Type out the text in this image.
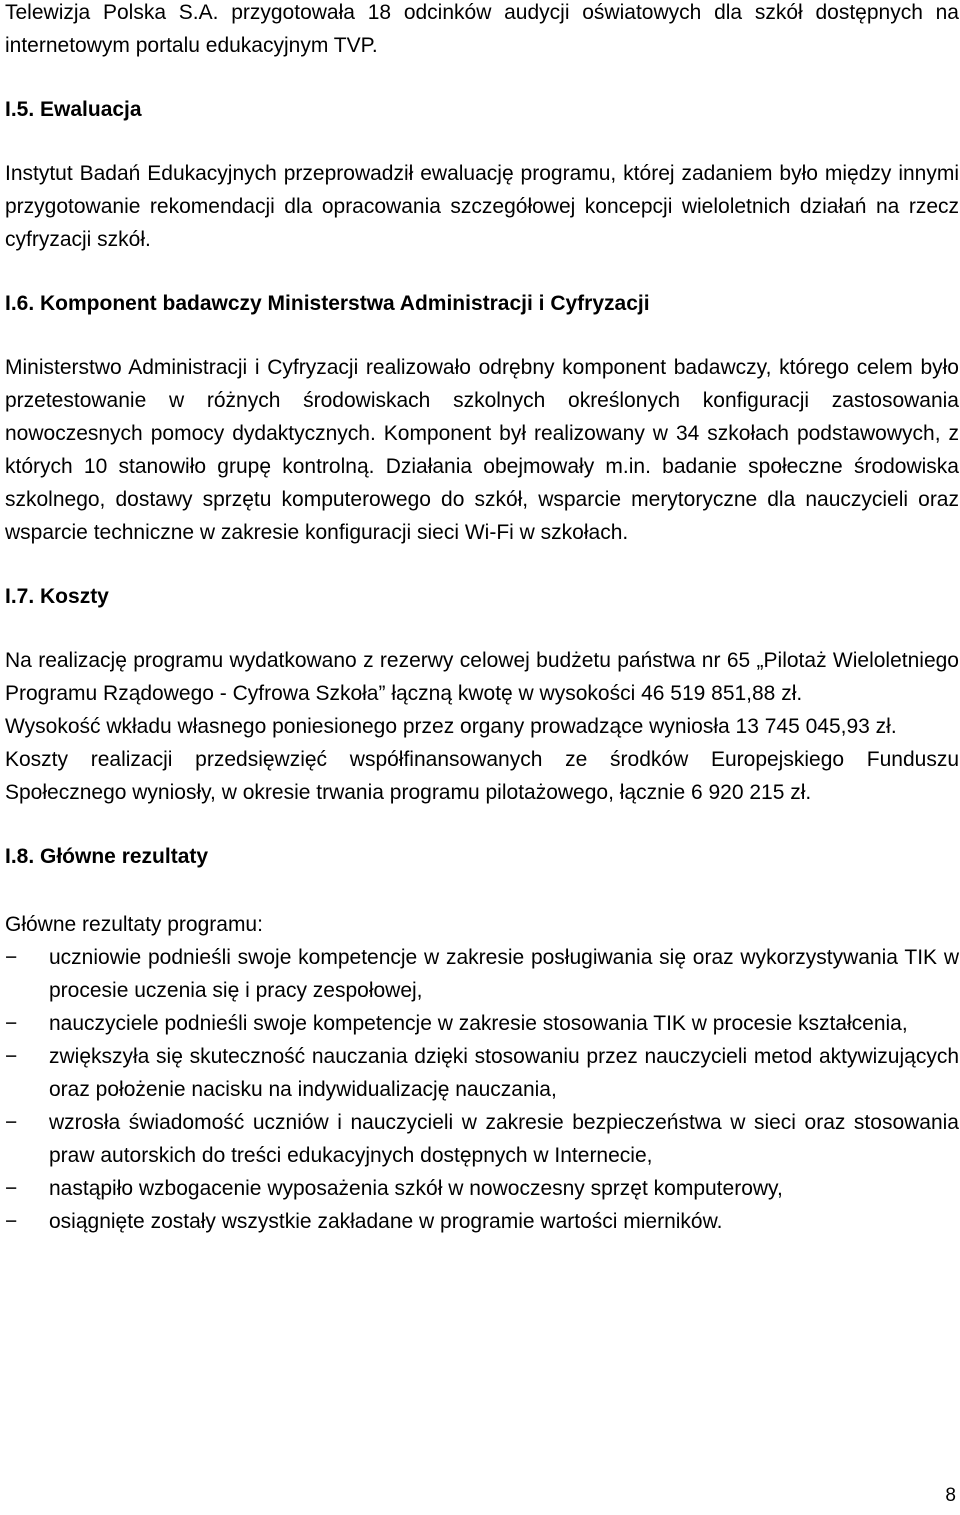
Telewizja Polska S.A. przygotowała 18 odcinków audycji oświatowych dla szkół dostępnych na internetowym portalu edukacyjnym TVP.

I.5. Ewaluacja

Instytut Badań Edukacyjnych przeprowadził ewaluację programu, której zadaniem było między innymi przygotowanie rekomendacji dla opracowania szczegółowej koncepcji wieloletnich działań na rzecz cyfryzacji szkół.

I.6. Komponent badawczy Ministerstwa Administracji i Cyfryzacji

Ministerstwo Administracji i Cyfryzacji realizowało odrębny komponent badawczy, którego celem było przetestowanie w różnych środowiskach szkolnych określonych konfiguracji zastosowania nowoczesnych pomocy dydaktycznych. Komponent był realizowany w 34 szkołach podstawowych, z których 10 stanowiło grupę kontrolną. Działania obejmowały m.in. badanie społeczne środowiska szkolnego, dostawy sprzętu komputerowego do szkół, wsparcie merytoryczne dla nauczycieli oraz wsparcie techniczne w zakresie konfiguracji sieci Wi-Fi w szkołach.

I.7. Koszty

Na realizację programu wydatkowano z rezerwy celowej budżetu państwa nr 65 „Pilotaż Wieloletniego Programu Rządowego - Cyfrowa Szkoła” łączną kwotę w wysokości 46 519 851,88 zł.

Wysokość wkładu własnego poniesionego przez organy prowadzące wyniosła 13 745 045,93 zł.

Koszty realizacji przedsięwzięć współfinansowanych ze środków Europejskiego Funduszu Społecznego wyniosły, w okresie trwania programu pilotażowego, łącznie 6 920 215 zł.

I.8. Główne rezultaty

Główne rezultaty programu:

−	uczniowie podnieśli swoje kompetencje w zakresie posługiwania się oraz wykorzystywania TIK w procesie uczenia się i pracy zespołowej,
−	nauczyciele podnieśli swoje kompetencje w zakresie stosowania TIK w procesie kształcenia,
−	zwiększyła się skuteczność nauczania dzięki stosowaniu przez nauczycieli metod aktywizujących oraz położenie nacisku na indywidualizację nauczania,
−	wzrosła świadomość uczniów i nauczycieli w zakresie bezpieczeństwa w sieci oraz stosowania praw autorskich do treści edukacyjnych dostępnych w Internecie,
−	nastąpiło wzbogacenie wyposażenia szkół w nowoczesny sprzęt komputerowy,
−	osiągnięte zostały wszystkie zakładane w programie wartości mierników.
8
